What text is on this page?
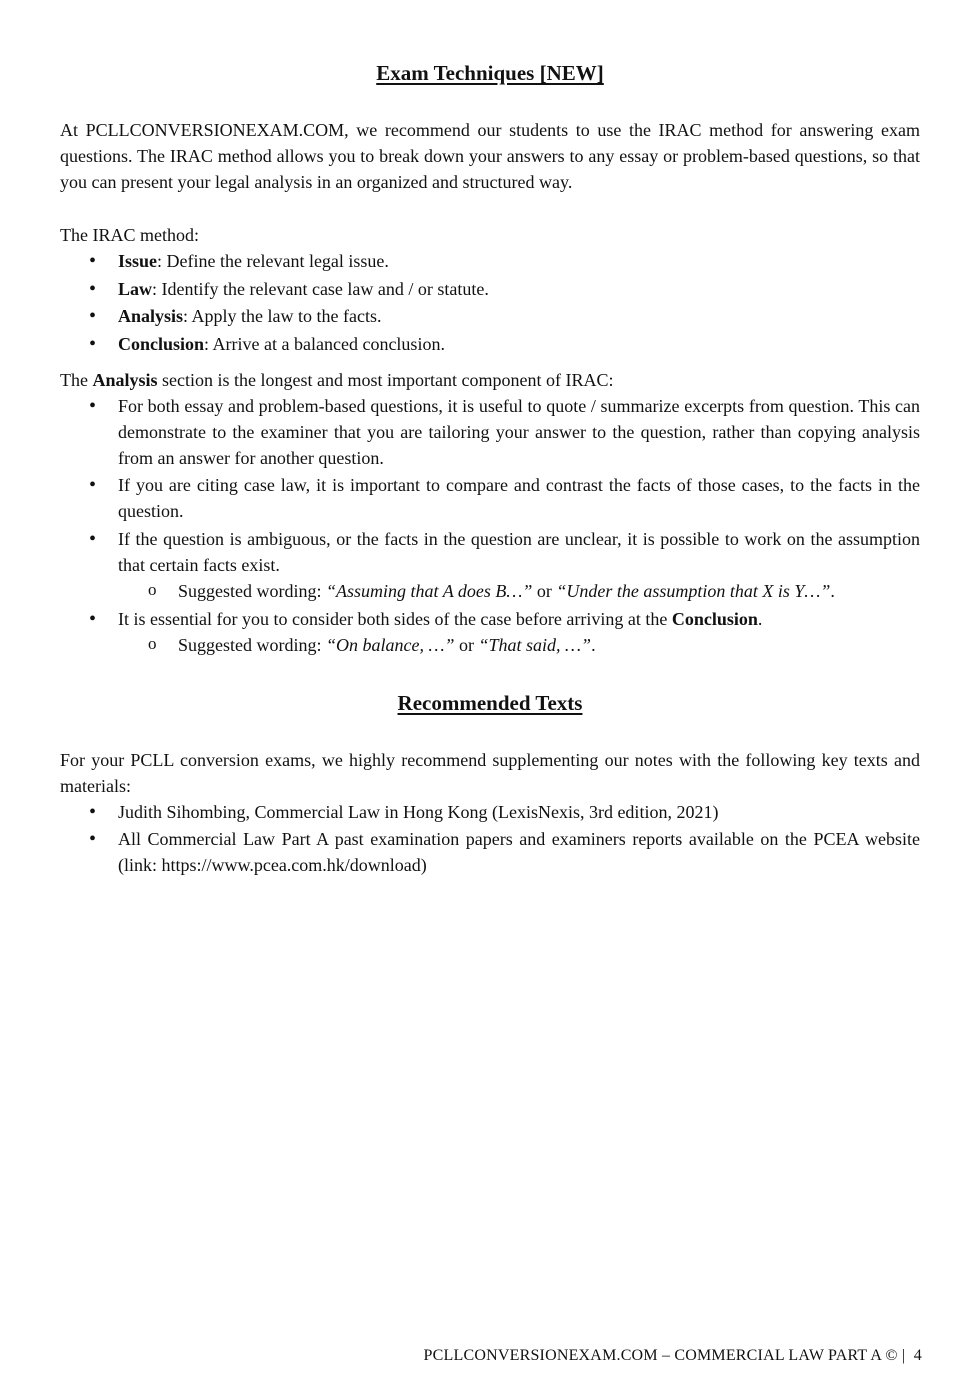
Exam Techniques [NEW]

At PCLLCONVERSIONEXAM.COM, we recommend our students to use the IRAC method for answering exam questions. The IRAC method allows you to break down your answers to any essay or problem-based questions, so that you can present your legal analysis in an organized and structured way.

The IRAC method:

• Issue: Define the relevant legal issue.
• Law: Identify the relevant case law and / or statute.
• Analysis: Apply the law to the facts.
• Conclusion: Arrive at a balanced conclusion.

The Analysis section is the longest and most important component of IRAC:

• For both essay and problem-based questions, it is useful to quote / summarize excerpts from question. This can demonstrate to the examiner that you are tailoring your answer to the question, rather than copying analysis from an answer for another question.
• If you are citing case law, it is important to compare and contrast the facts of those cases, to the facts in the question.
• If the question is ambiguous, or the facts in the question are unclear, it is possible to work on the assumption that certain facts exist.
o Suggested wording: “Assuming that A does B…” or “Under the assumption that X is Y…”.
• It is essential for you to consider both sides of the case before arriving at the Conclusion.
o Suggested wording: “On balance, …” or “That said, …”.
Recommended Texts

For your PCLL conversion exams, we highly recommend supplementing our notes with the following key texts and materials:

• Judith Sihombing, Commercial Law in Hong Kong (LexisNexis, 3rd edition, 2021)
• All Commercial Law Part A past examination papers and examiners reports available on the PCEA website (link: https://www.pcea.com.hk/download)
PCLLCONVERSIONEXAM.COM – COMMERCIAL LAW PART A © | 4
